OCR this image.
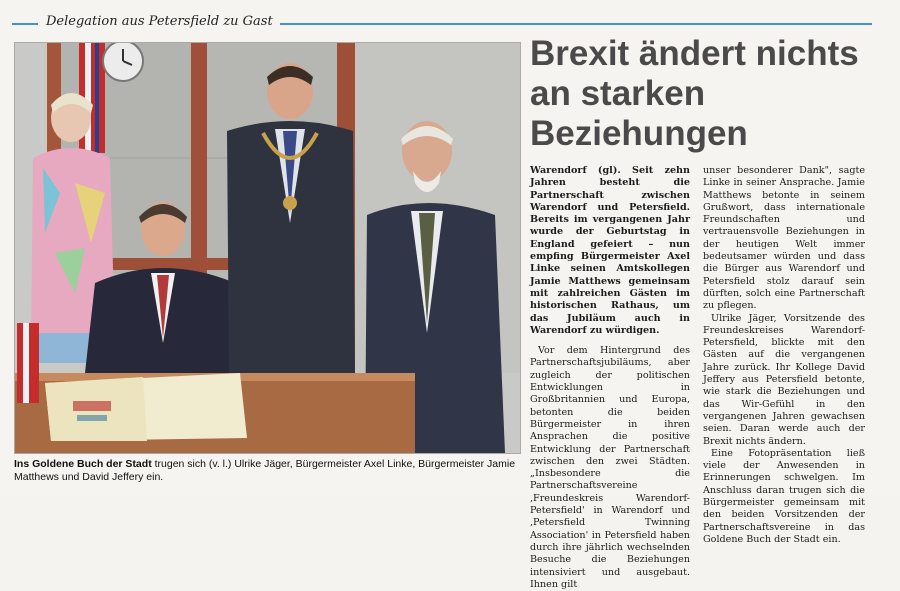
Delegation aus Petersfield zu Gast
Ins Goldene Buch der Stadt trugen sich (v. l.) Ulrike Jäger, Bürgermeister Axel Linke, Bürgermeister Jamie Matthews und David Jeffery ein.
Brexit ändert nichts an starken Beziehungen

Warendorf (gl). Seit zehn Jahren besteht die Partnerschaft zwischen Warendorf und Petersfield. Bereits im vergangenen Jahr wurde der Geburtstag in England gefeiert – nun empfing Bürgermeister Axel Linke seinen Amtskollegen Jamie Matthews gemeinsam mit zahlreichen Gästen im historischen Rathaus, um das Jubiläum auch in Warendorf zu würdigen.

Vor dem Hintergrund des Partnerschaftsjubiläums, aber zugleich der politischen Entwicklungen in Großbritannien und Europa, betonten die beiden Bürgermeister in ihren Ansprachen die positive Entwicklung der Partnerschaft zwischen den zwei Städten. „Insbesondere die Partnerschaftsvereine ‚Freundeskreis Warendorf-Petersfield' in Warendorf und ‚Petersfield Twinning Association' in Petersfield haben durch ihre jährlich wechselnden Besuche die Beziehungen intensiviert und ausgebaut. Ihnen gilt

unser besonderer Dank", sagte Linke in seiner Ansprache. Jamie Matthews betonte in seinem Grußwort, dass internationale Freundschaften und vertrauensvolle Beziehungen in der heutigen Welt immer bedeutsamer würden und dass die Bürger aus Warendorf und Petersfield stolz darauf sein dürften, solch eine Partnerschaft zu pflegen.

Ulrike Jäger, Vorsitzende des Freundeskreises Warendorf-Petersfield, blickte mit den Gästen auf die vergangenen Jahre zurück. Ihr Kollege David Jeffery aus Petersfield betonte, wie stark die Beziehungen und das Wir-Gefühl in den vergangenen Jahren gewachsen seien. Daran werde auch der Brexit nichts ändern.

Eine Fotopräsentation ließ viele der Anwesenden in Erinnerungen schwelgen. Im Anschluss daran trugen sich die Bürgermeister gemeinsam mit den beiden Vorsitzenden der Partnerschaftsvereine in das Goldene Buch der Stadt ein.
